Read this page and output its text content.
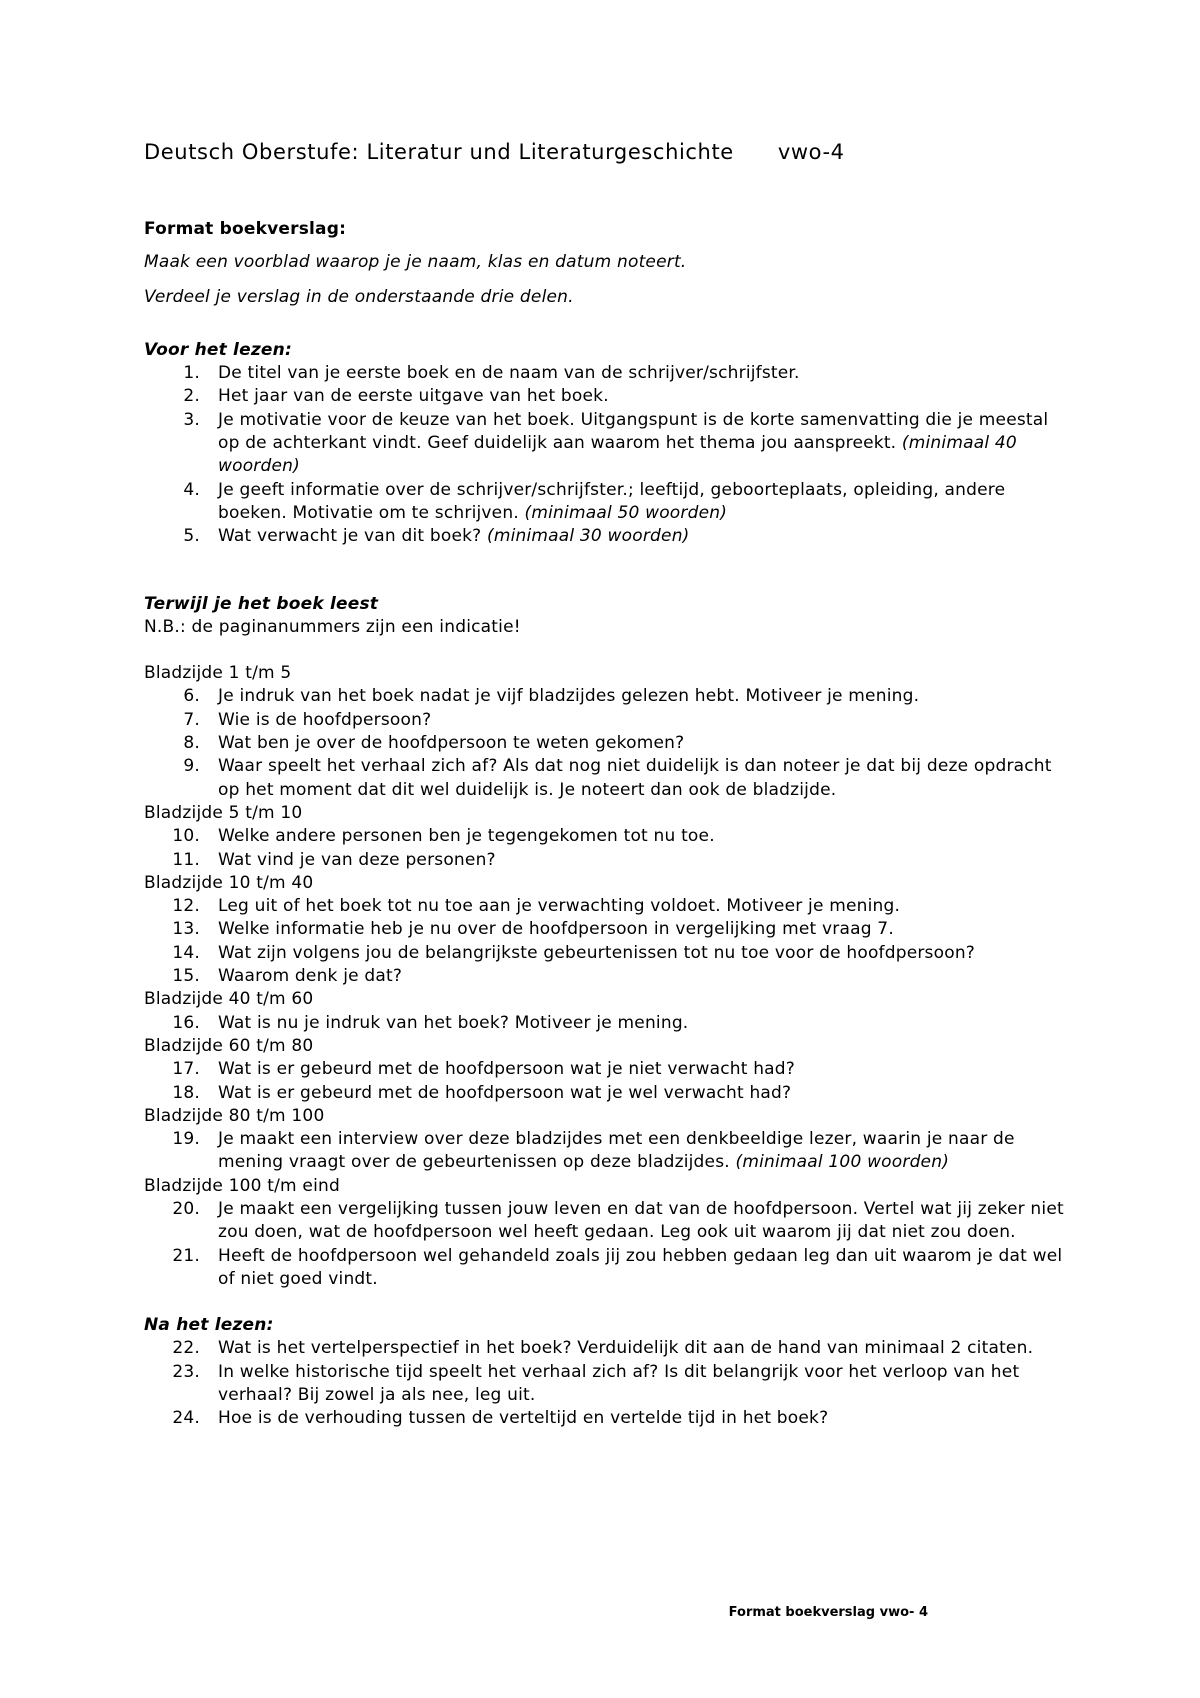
Deutsch Oberstufe: Literatur und Literaturgeschichte vwo-4

Format boekverslag:

Maak een voorblad waarop je je naam, klas en datum noteert.

Verdeel je verslag in de onderstaande drie delen.

Voor het lezen:

1. De titel van je eerste boek en de naam van de schrijver/schrijfster.
2. Het jaar van de eerste uitgave van het boek.
3. Je motivatie voor de keuze van het boek. Uitgangspunt is de korte samenvatting die je meestal op de achterkant vindt. Geef duidelijk aan waarom het thema jou aanspreekt. (minimaal 40 woorden)
4. Je geeft informatie over de schrijver/schrijfster.; leeftijd, geboorteplaats, opleiding, andere boeken. Motivatie om te schrijven. (minimaal 50 woorden)
5. Wat verwacht je van dit boek? (minimaal 30 woorden)

Terwijl je het boek leest

N.B.: de paginanummers zijn een indicatie!

Bladzijde 1 t/m 5

6. Je indruk van het boek nadat je vijf bladzijdes gelezen hebt. Motiveer je mening.
7. Wie is de hoofdpersoon?
8. Wat ben je over de hoofdpersoon te weten gekomen?
9. Waar speelt het verhaal zich af? Als dat nog niet duidelijk is dan noteer je dat bij deze opdracht op het moment dat dit wel duidelijk is. Je noteert dan ook de bladzijde.

Bladzijde 5 t/m 10

10. Welke andere personen ben je tegengekomen tot nu toe.
11. Wat vind je van deze personen?

Bladzijde 10 t/m 40

12. Leg uit of het boek tot nu toe aan je verwachting voldoet. Motiveer je mening.
13. Welke informatie heb je nu over de hoofdpersoon in vergelijking met vraag 7.
14. Wat zijn volgens jou de belangrijkste gebeurtenissen tot nu toe voor de hoofdpersoon?
15. Waarom denk je dat?

Bladzijde 40 t/m 60

16. Wat is nu je indruk van het boek? Motiveer je mening.

Bladzijde 60 t/m 80

17. Wat is er gebeurd met de hoofdpersoon wat je niet verwacht had?
18. Wat is er gebeurd met de hoofdpersoon wat je wel verwacht had?

Bladzijde 80 t/m 100

19. Je maakt een interview over deze bladzijdes met een denkbeeldige lezer, waarin je naar de mening vraagt over de gebeurtenissen op deze bladzijdes. (minimaal 100 woorden)

Bladzijde 100 t/m eind

20. Je maakt een vergelijking tussen jouw leven en dat van de hoofdpersoon. Vertel wat jij zeker niet zou doen, wat de hoofdpersoon wel heeft gedaan. Leg ook uit waarom jij dat niet zou doen.
21. Heeft de hoofdpersoon wel gehandeld zoals jij zou hebben gedaan leg dan uit waarom je dat wel of niet goed vindt.

Na het lezen:

22. Wat is het vertelperspectief in het boek? Verduidelijk dit aan de hand van minimaal 2 citaten.
23. In welke historische tijd speelt het verhaal zich af? Is dit belangrijk voor het verloop van het verhaal? Bij zowel ja als nee, leg uit.
24. Hoe is de verhouding tussen de verteltijd en vertelde tijd in het boek?
Format boekverslag vwo- 4
